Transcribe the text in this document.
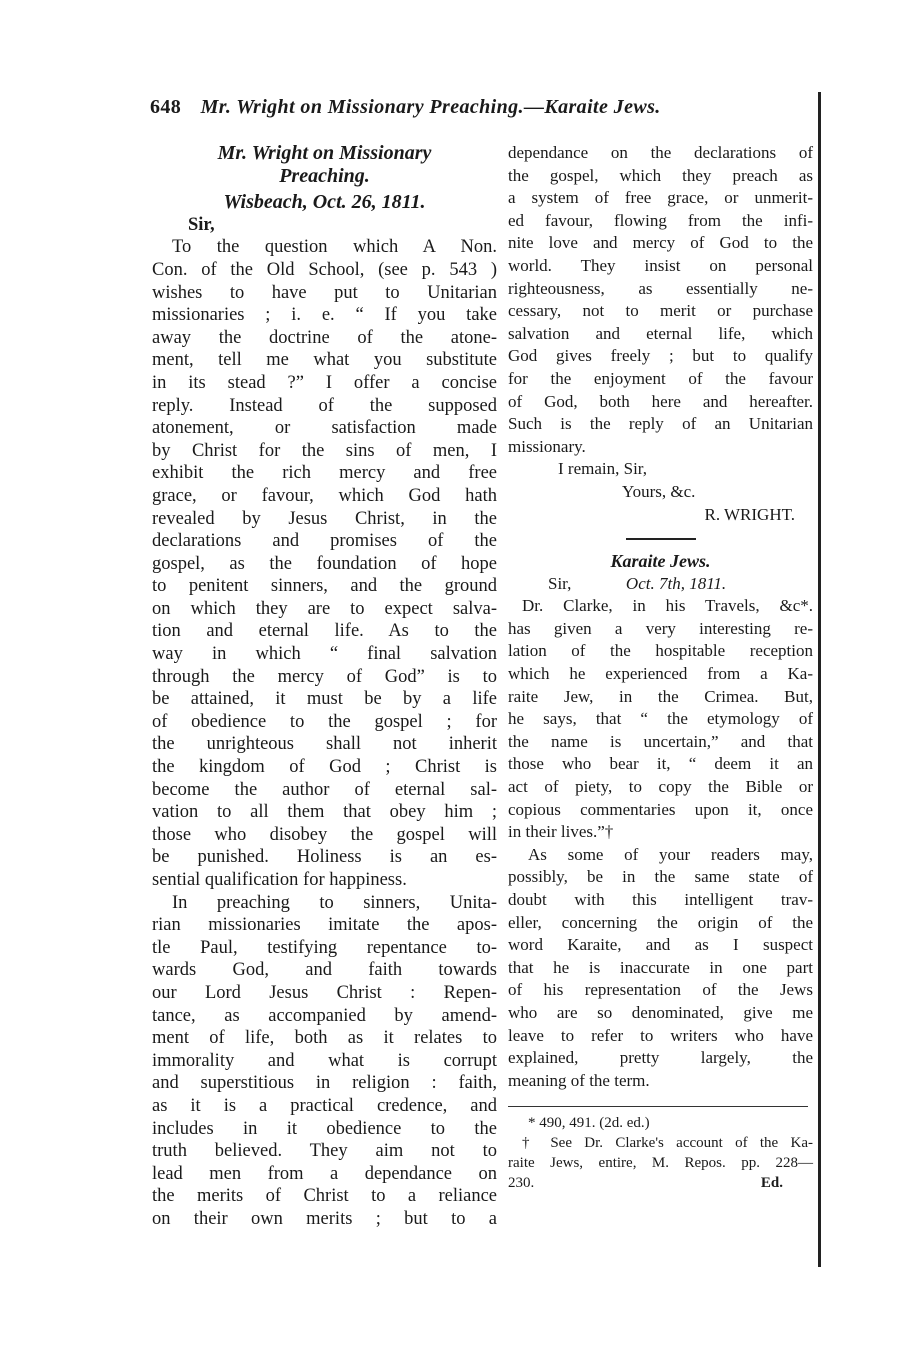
648 Mr. Wright on Missionary Preaching.—Karaite Jews.
Mr. Wright on Missionary
Preaching.
Wisbeach, Oct. 26, 1811.
Sir,
To the question which A Non.
Con. of the Old School, (see p. 543 )
wishes to have put to Unitarian
missionaries ; i. e. “ If you take
away the doctrine of the atone-
ment, tell me what you substitute
in its stead ?” I offer a concise
reply. Instead of the supposed
atonement, or satisfaction made
by Christ for the sins of men, I
exhibit the rich mercy and free
grace, or favour, which God hath
revealed by Jesus Christ, in the
declarations and promises of the
gospel, as the foundation of hope
to penitent sinners, and the ground
on which they are to expect salva-
tion and eternal life. As to the
way in which “ final salvation
through the mercy of God” is to
be attained, it must be by a life
of obedience to the gospel ; for
the unrighteous shall not inherit
the kingdom of God ; Christ is
become the author of eternal sal-
vation to all them that obey him ;
those who disobey the gospel will
be punished. Holiness is an es-
sential qualification for happiness.
In preaching to sinners, Unita-
rian missionaries imitate the apos-
tle Paul, testifying repentance to-
wards God, and faith towards
our Lord Jesus Christ : Repen-
tance, as accompanied by amend-
ment of life, both as it relates to
immorality and what is corrupt
and superstitious in religion : faith,
as it is a practical credence, and
includes in it obedience to the
truth believed. They aim not to
lead men from a dependance on
the merits of Christ to a reliance
on their own merits ; but to a
dependance on the declarations of
the gospel, which they preach as
a system of free grace, or unmerit-
ed favour, flowing from the infi-
nite love and mercy of God to the
world. They insist on personal
righteousness, as essentially ne-
cessary, not to merit or purchase
salvation and eternal life, which
God gives freely ; but to qualify
for the enjoyment of the favour
of God, both here and hereafter.
Such is the reply of an Unitarian
missionary.
I remain, Sir,
Yours, &c.
R. WRIGHT.
Karaite Jews.
Sir,	Oct. 7th, 1811.
Dr. Clarke, in his Travels, &c*.
has given a very interesting re-
lation of the hospitable reception
which he experienced from a Ka-
raite Jew, in the Crimea. But,
he says, that “ the etymology of
the name is uncertain,” and that
those who bear it, “ deem it an
act of piety, to copy the Bible or
copious commentaries upon it, once
in their lives.”†
As some of your readers may,
possibly, be in the same state of
doubt with this intelligent trav-
eller, concerning the origin of the
word Karaite, and as I suspect
that he is inaccurate in one part
of his representation of the Jews
who are so denominated, give me
leave to refer to writers who have
explained, pretty largely, the
meaning of the term.
* 490, 491. (2d. ed.)
† See Dr. Clarke's account of the Ka-
raite Jews, entire, M. Repos. pp. 228—
230.	Ed.
